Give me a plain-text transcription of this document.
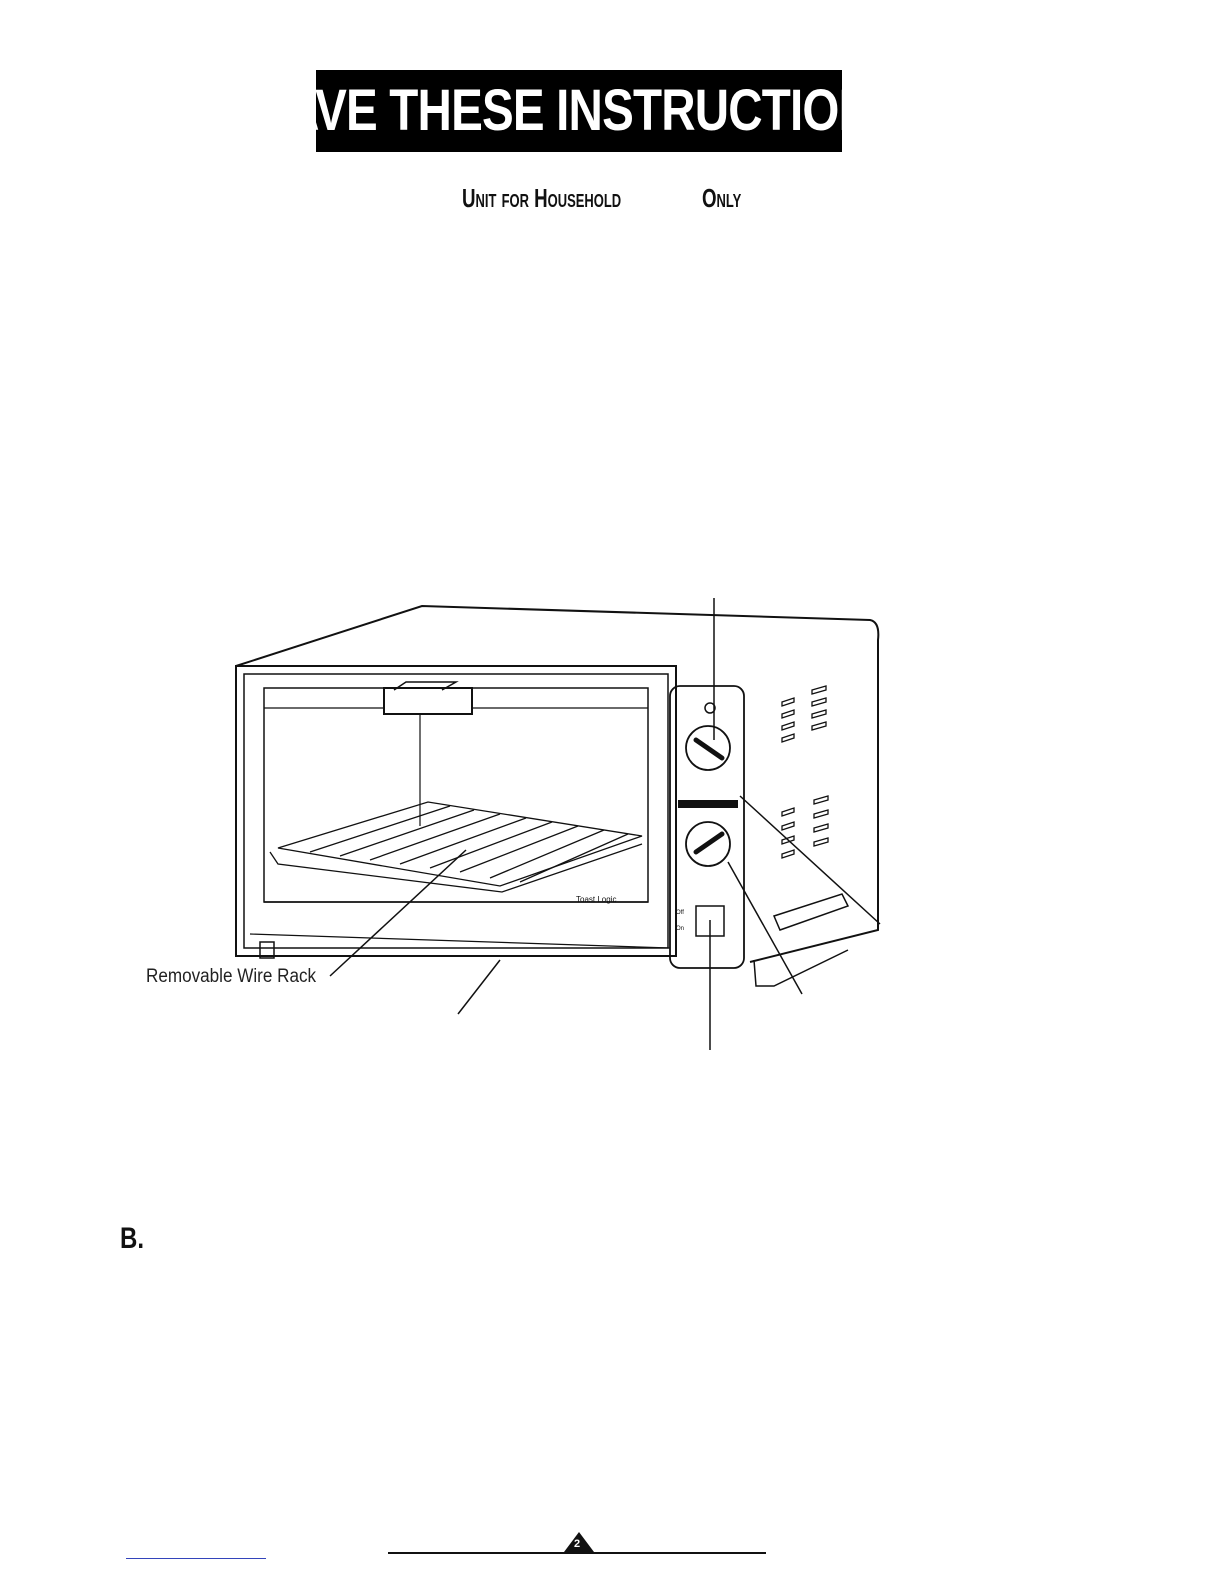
SAVE THESE INSTRUCTIONS
Unit for Household	Only
Toast Logic
Off
On
Removable Wire Rack
B.
2
